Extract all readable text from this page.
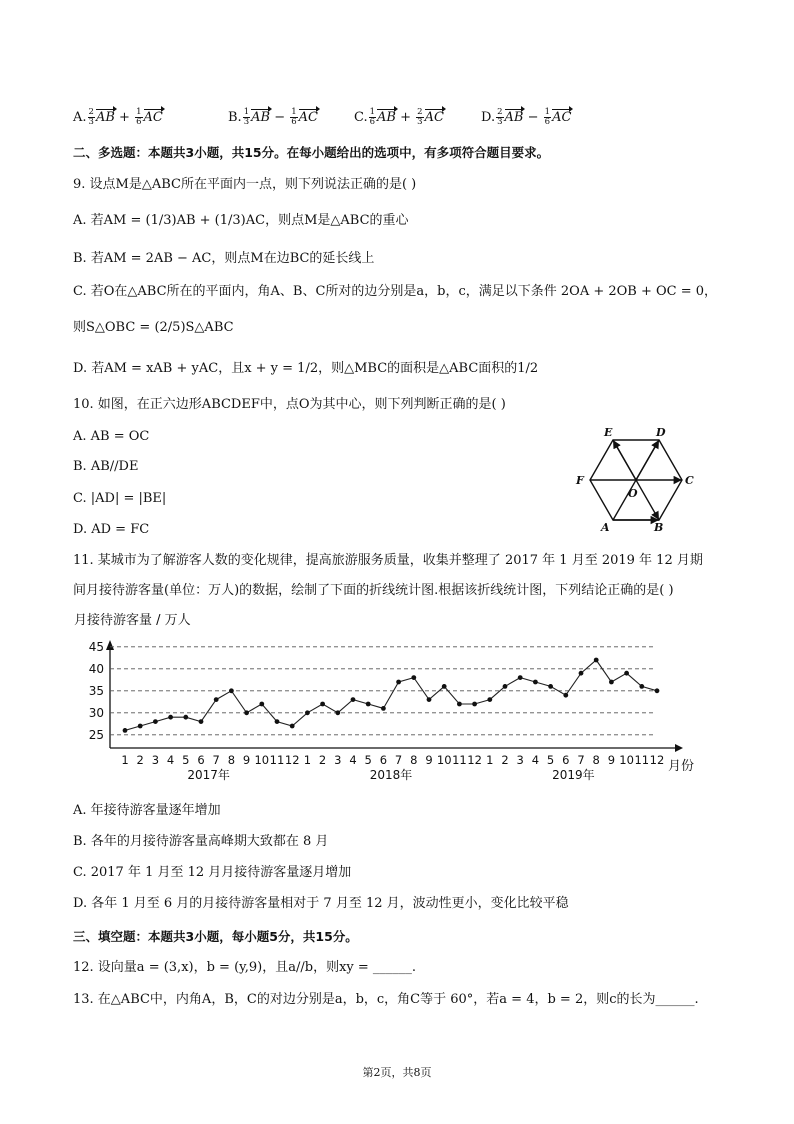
A. $\frac{2}{3}$ AB + $\frac{1}{6}$ AC	B. $\frac{1}{3}$ AB − $\frac{1}{6}$ AC	C. $\frac{1}{6}$ AB + $\frac{2}{3}$ AC	D. $\frac{2}{3}$ AB − $\frac{1}{6}$ AC
二、多选题：本题共3小题，共15分。在每小题给出的选项中，有多项符合题目要求。
9. 设点M是△ABC所在平面内一点，则下列说法正确的是( )
A. 若AM = (1/3)AB + (1/3)AC，则点M是△ABC的重心
B. 若AM = 2AB − AC，则点M在边BC的延长线上
C. 若O在△ABC所在的平面内，角A、B、C所对的边分别是a，b，c，满足以下条件 2OA + 2OB + OC = 0，
则S△OBC = (2/5)S△ABC
D. 若AM = xAB + yAC，且x + y = 1/2，则△MBC的面积是△ABC面积的1/2
10. 如图，在正六边形ABCDEF中，点O为其中心，则下列判断正确的是( )
A. AB = OC
B. AB//DE
C. |AD| = |BE|
D. AD = FC
E	D
F
O
C
A	B
11. 某城市为了解游客人数的变化规律，提高旅游服务质量，收集并整理了 2017 年 1 月至 2019 年 12 月期
间月接待游客量(单位：万人)的数据，绘制了下面的折线统计图.根据该折线统计图，下列结论正确的是( )
月接待游客量 / 万人
月份
25
30
35
40
45
1 2 3 4 5 6 7 8 9 10 11 12 1 2 3 4 5 6 7 8 9 10 11 12 1 2 3 4 5 6 7 8 9 10 11 12
2017年	2018年	2019年
A. 年接待游客量逐年增加
B. 各年的月接待游客量高峰期大致都在 8 月
C. 2017 年 1 月至 12 月月接待游客量逐月增加
D. 各年 1 月至 6 月的月接待游客量相对于 7 月至 12 月，波动性更小，变化比较平稳
三、填空题：本题共3小题，每小题5分，共15分。
12. 设向量a = (3,x)，b = (y,9)，且a//b，则xy = ______.
13. 在△ABC中，内角A，B，C的对边分别是a，b，c，角C等于 60°，若a = 4，b = 2，则c的长为______.
第2页，共8页
